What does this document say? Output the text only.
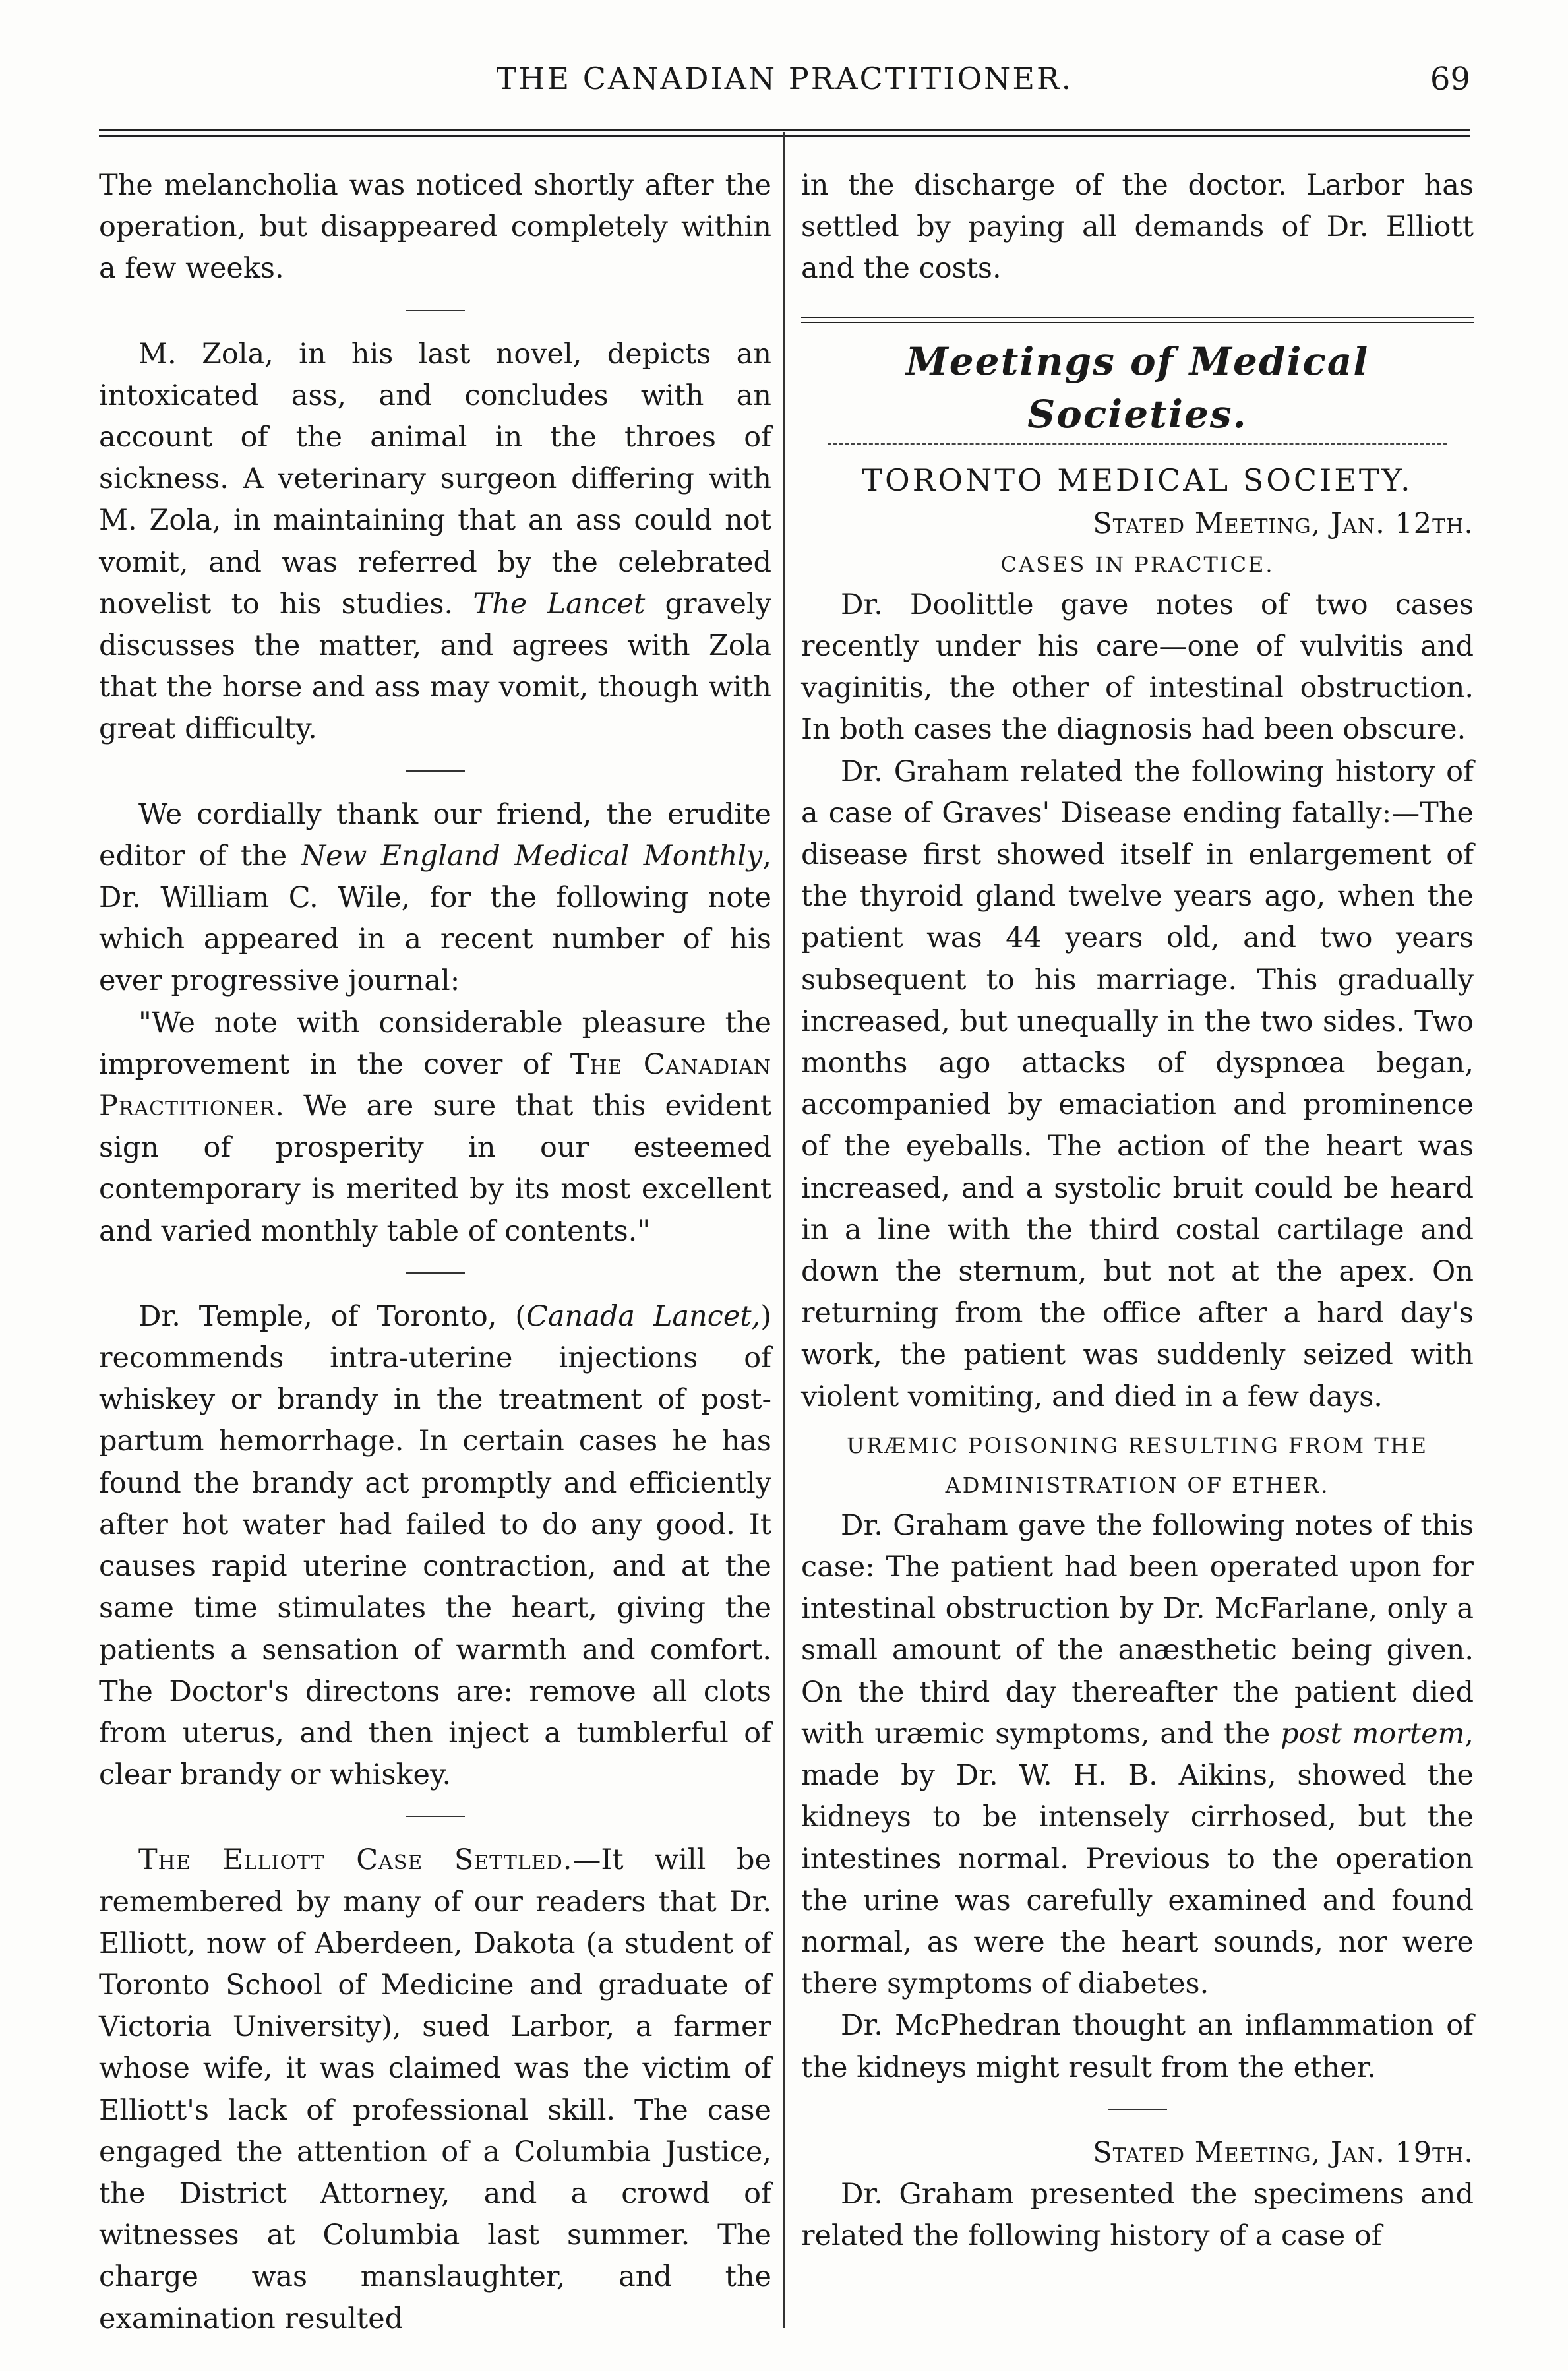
THE CANADIAN PRACTITIONER.	69

The melancholia was noticed shortly after the operation, but disappeared completely within a few weeks.

M. Zola, in his last novel, depicts an intoxicated ass, and concludes with an account of the animal in the throes of sickness. A veterinary surgeon differing with M. Zola, in maintaining that an ass could not vomit, and was referred by the celebrated novelist to his studies. The Lancet gravely discusses the matter, and agrees with Zola that the horse and ass may vomit, though with great difficulty.

We cordially thank our friend, the erudite editor of the New England Medical Monthly, Dr. William C. Wile, for the following note which appeared in a recent number of his ever progressive journal:

"We note with considerable pleasure the improvement in the cover of The Canadian Practitioner. We are sure that this evident sign of prosperity in our esteemed contemporary is merited by its most excellent and varied monthly table of contents."

Dr. Temple, of Toronto, (Canada Lancet,) recommends intra-uterine injections of whiskey or brandy in the treatment of post-partum hemorrhage. In certain cases he has found the brandy act promptly and efficiently after hot water had failed to do any good. It causes rapid uterine contraction, and at the same time stimulates the heart, giving the patients a sensation of warmth and comfort. The Doctor's directons are: remove all clots from uterus, and then inject a tumblerful of clear brandy or whiskey.

The Elliott Case Settled.—It will be remembered by many of our readers that Dr. Elliott, now of Aberdeen, Dakota (a student of Toronto School of Medicine and graduate of Victoria University), sued Larbor, a farmer whose wife, it was claimed was the victim of Elliott's lack of professional skill. The case engaged the attention of a Columbia Justice, the District Attorney, and a crowd of witnesses at Columbia last summer. The charge was manslaughter, and the examination resulted

in the discharge of the doctor. Larbor has settled by paying all demands of Dr. Elliott and the costs.

Meetings of Medical Societies.
TORONTO MEDICAL SOCIETY.
Stated Meeting, Jan. 12th.
CASES IN PRACTICE.

Dr. Doolittle gave notes of two cases recently under his care—one of vulvitis and vaginitis, the other of intestinal obstruction. In both cases the diagnosis had been obscure.

Dr. Graham related the following history of a case of Graves' Disease ending fatally:—The disease first showed itself in enlargement of the thyroid gland twelve years ago, when the patient was 44 years old, and two years subsequent to his marriage. This gradually increased, but unequally in the two sides. Two months ago attacks of dyspnœa began, accompanied by emaciation and prominence of the eyeballs. The action of the heart was increased, and a systolic bruit could be heard in a line with the third costal cartilage and down the sternum, but not at the apex. On returning from the office after a hard day's work, the patient was suddenly seized with violent vomiting, and died in a few days.

URÆMIC POISONING RESULTING FROM THE
ADMINISTRATION OF ETHER.

Dr. Graham gave the following notes of this case: The patient had been operated upon for intestinal obstruction by Dr. McFarlane, only a small amount of the anæsthetic being given. On the third day thereafter the patient died with uræmic symptoms, and the post mortem, made by Dr. W. H. B. Aikins, showed the kidneys to be intensely cirrhosed, but the intestines normal. Previous to the operation the urine was carefully examined and found normal, as were the heart sounds, nor were there symptoms of diabetes.

Dr. McPhedran thought an inflammation of the kidneys might result from the ether.

Stated Meeting, Jan. 19th.

Dr. Graham presented the specimens and related the following history of a case of
